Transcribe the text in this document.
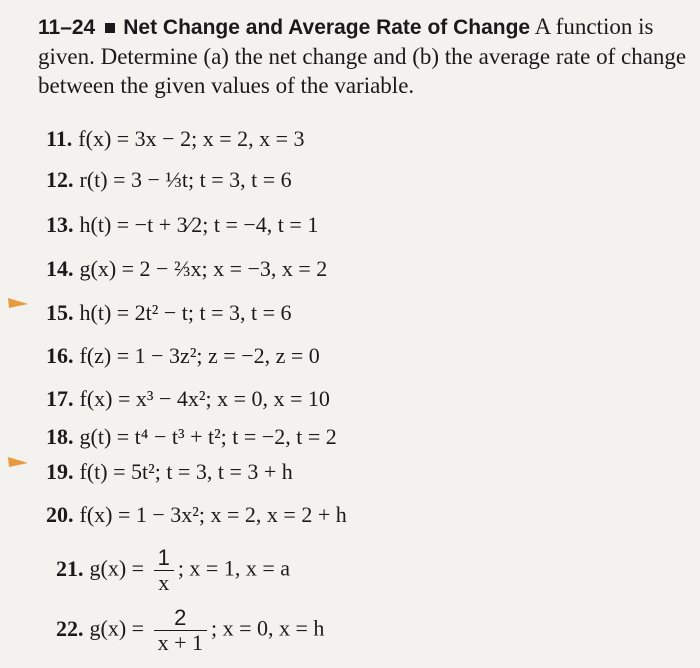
11–24 Net Change and Average Rate of Change A function is given. Determine (a) the net change and (b) the average rate of change between the given values of the variable.
11. f(x) = 3x − 2; x = 2, x = 3
12. r(t) = 3 − ⅓t; t = 3, t = 6
13. h(t) = −t + 3⁄2; t = −4, t = 1
14. g(x) = 2 − ⅔x; x = −3, x = 2
15. h(t) = 2t² − t; t = 3, t = 6
16. f(z) = 1 − 3z²; z = −2, z = 0
17. f(x) = x³ − 4x²; x = 0, x = 10
18. g(t) = t⁴ − t³ + t²; t = −2, t = 2
19. f(t) = 5t²; t = 3, t = 3 + h
20. f(x) = 1 − 3x²; x = 2, x = 2 + h
21. $g(x) = \frac{1}{x}$ ; x = 1, x = a
22. $g(x) = \frac{2}{x + 1}$ ; x = 0, x = h
